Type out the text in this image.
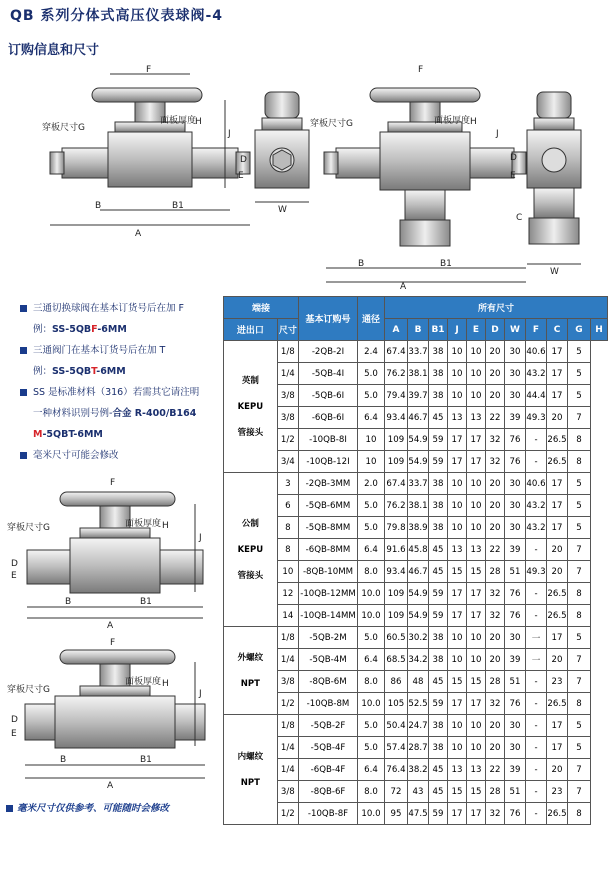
QB 系列分体式高压仪表球阀-4
订购信息和尺寸
F
穿板尺寸G
面板厚度
H
J
B	B1
A
D
E
W
F
穿板尺寸G	面板厚度 H
J
B	B1
A
D
E
C
W
三通切换球阀在基本订货号后在加 F
例：SS-5QBF-6MM
三通阀门在基本订货号后在加 T
例：SS-5QBT-6MM
SS 是标准材料（316）若需其它请注明
一种材料识别号例-合金 R-400/B164
M-5QBT-6MM
毫米尺寸可能会修改
F
穿板尺寸G	面板厚度 H
J
D
E
B	B1
A
F
穿板尺寸G
面板厚度 H
J
D
E
B	B1
A
端接		基本订购号	通径	所有尺寸										
进出口	尺寸			A	B	B1	J	E	D	W	F	C	G	H

英制
KEPU
管接头	1/8	-2QB-2I	2.4	67.4	33.7	38	10	10	20	30	40.6	17	5	
	1/4	-5QB-4I	5.0	76.2	38.1	38	10	10	20	30	43.2	17	5	
	3/8	-5QB-6I	5.0	79.4	39.7	38	10	10	20	30	44.4	17	5	
	3/8	-6QB-6I	6.4	93.4	46.7	45	13	13	22	39	49.3	20	7	
	1/2	-10QB-8I	10	109	54.9	59	17	17	32	76	-	26.5	8	
	3/4	-10QB-12I	10	109	54.9	59	17	17	32	76	-	26.5	8	

公制
KEPU
管接头	3	-2QB-3MM	2.0	67.4	33.7	38	10	10	20	30	40.6	17	5	
	6	-5QB-6MM	5.0	76.2	38.1	38	10	10	20	30	43.2	17	5	
	8	-5QB-8MM	5.0	79.8	38.9	38	10	10	20	30	43.2	17	5	
	8	-6QB-8MM	6.4	91.6	45.8	45	13	13	22	39	-	20	7	
	10	-8QB-10MM	8.0	93.4	46.7	45	15	15	28	51	49.3	20	7	
	12	-10QB-12MM	10.0	109	54.9	59	17	17	32	76	-	26.5	8	
	14	-10QB-14MM	10.0	109	54.9	59	17	17	32	76	-	26.5	8	

外螺纹
NPT	1/8	-5QB-2M	5.0	60.5	30.2	38	10	10	20	30	一	17	5	
	1/4	-5QB-4M	6.4	68.5	34.2	38	10	10	20	39	一	20	7	
	3/8	-8QB-6M	8.0	86	48	45	15	15	28	51	-	23	7	
	1/2	-10QB-8M	10.0	105	52.5	59	17	17	32	76	-	26.5	8	

内螺纹
NPT	1/8	-5QB-2F	5.0	50.4	24.7	38	10	10	20	30	-	17	5	
	1/4	-5QB-4F	5.0	57.4	28.7	38	10	10	20	30	-	17	5	
	1/4	-6QB-4F	6.4	76.4	38.2	45	13	13	22	39	-	20	7	
	3/8	-8QB-6F	8.0	72	43	45	15	15	28	51	-	23	7	
	1/2	-10QB-8F	10.0	95	47.5	59	17	17	32	76	-	26.5	8	
毫米尺寸仅供参考、可能随时会修改
